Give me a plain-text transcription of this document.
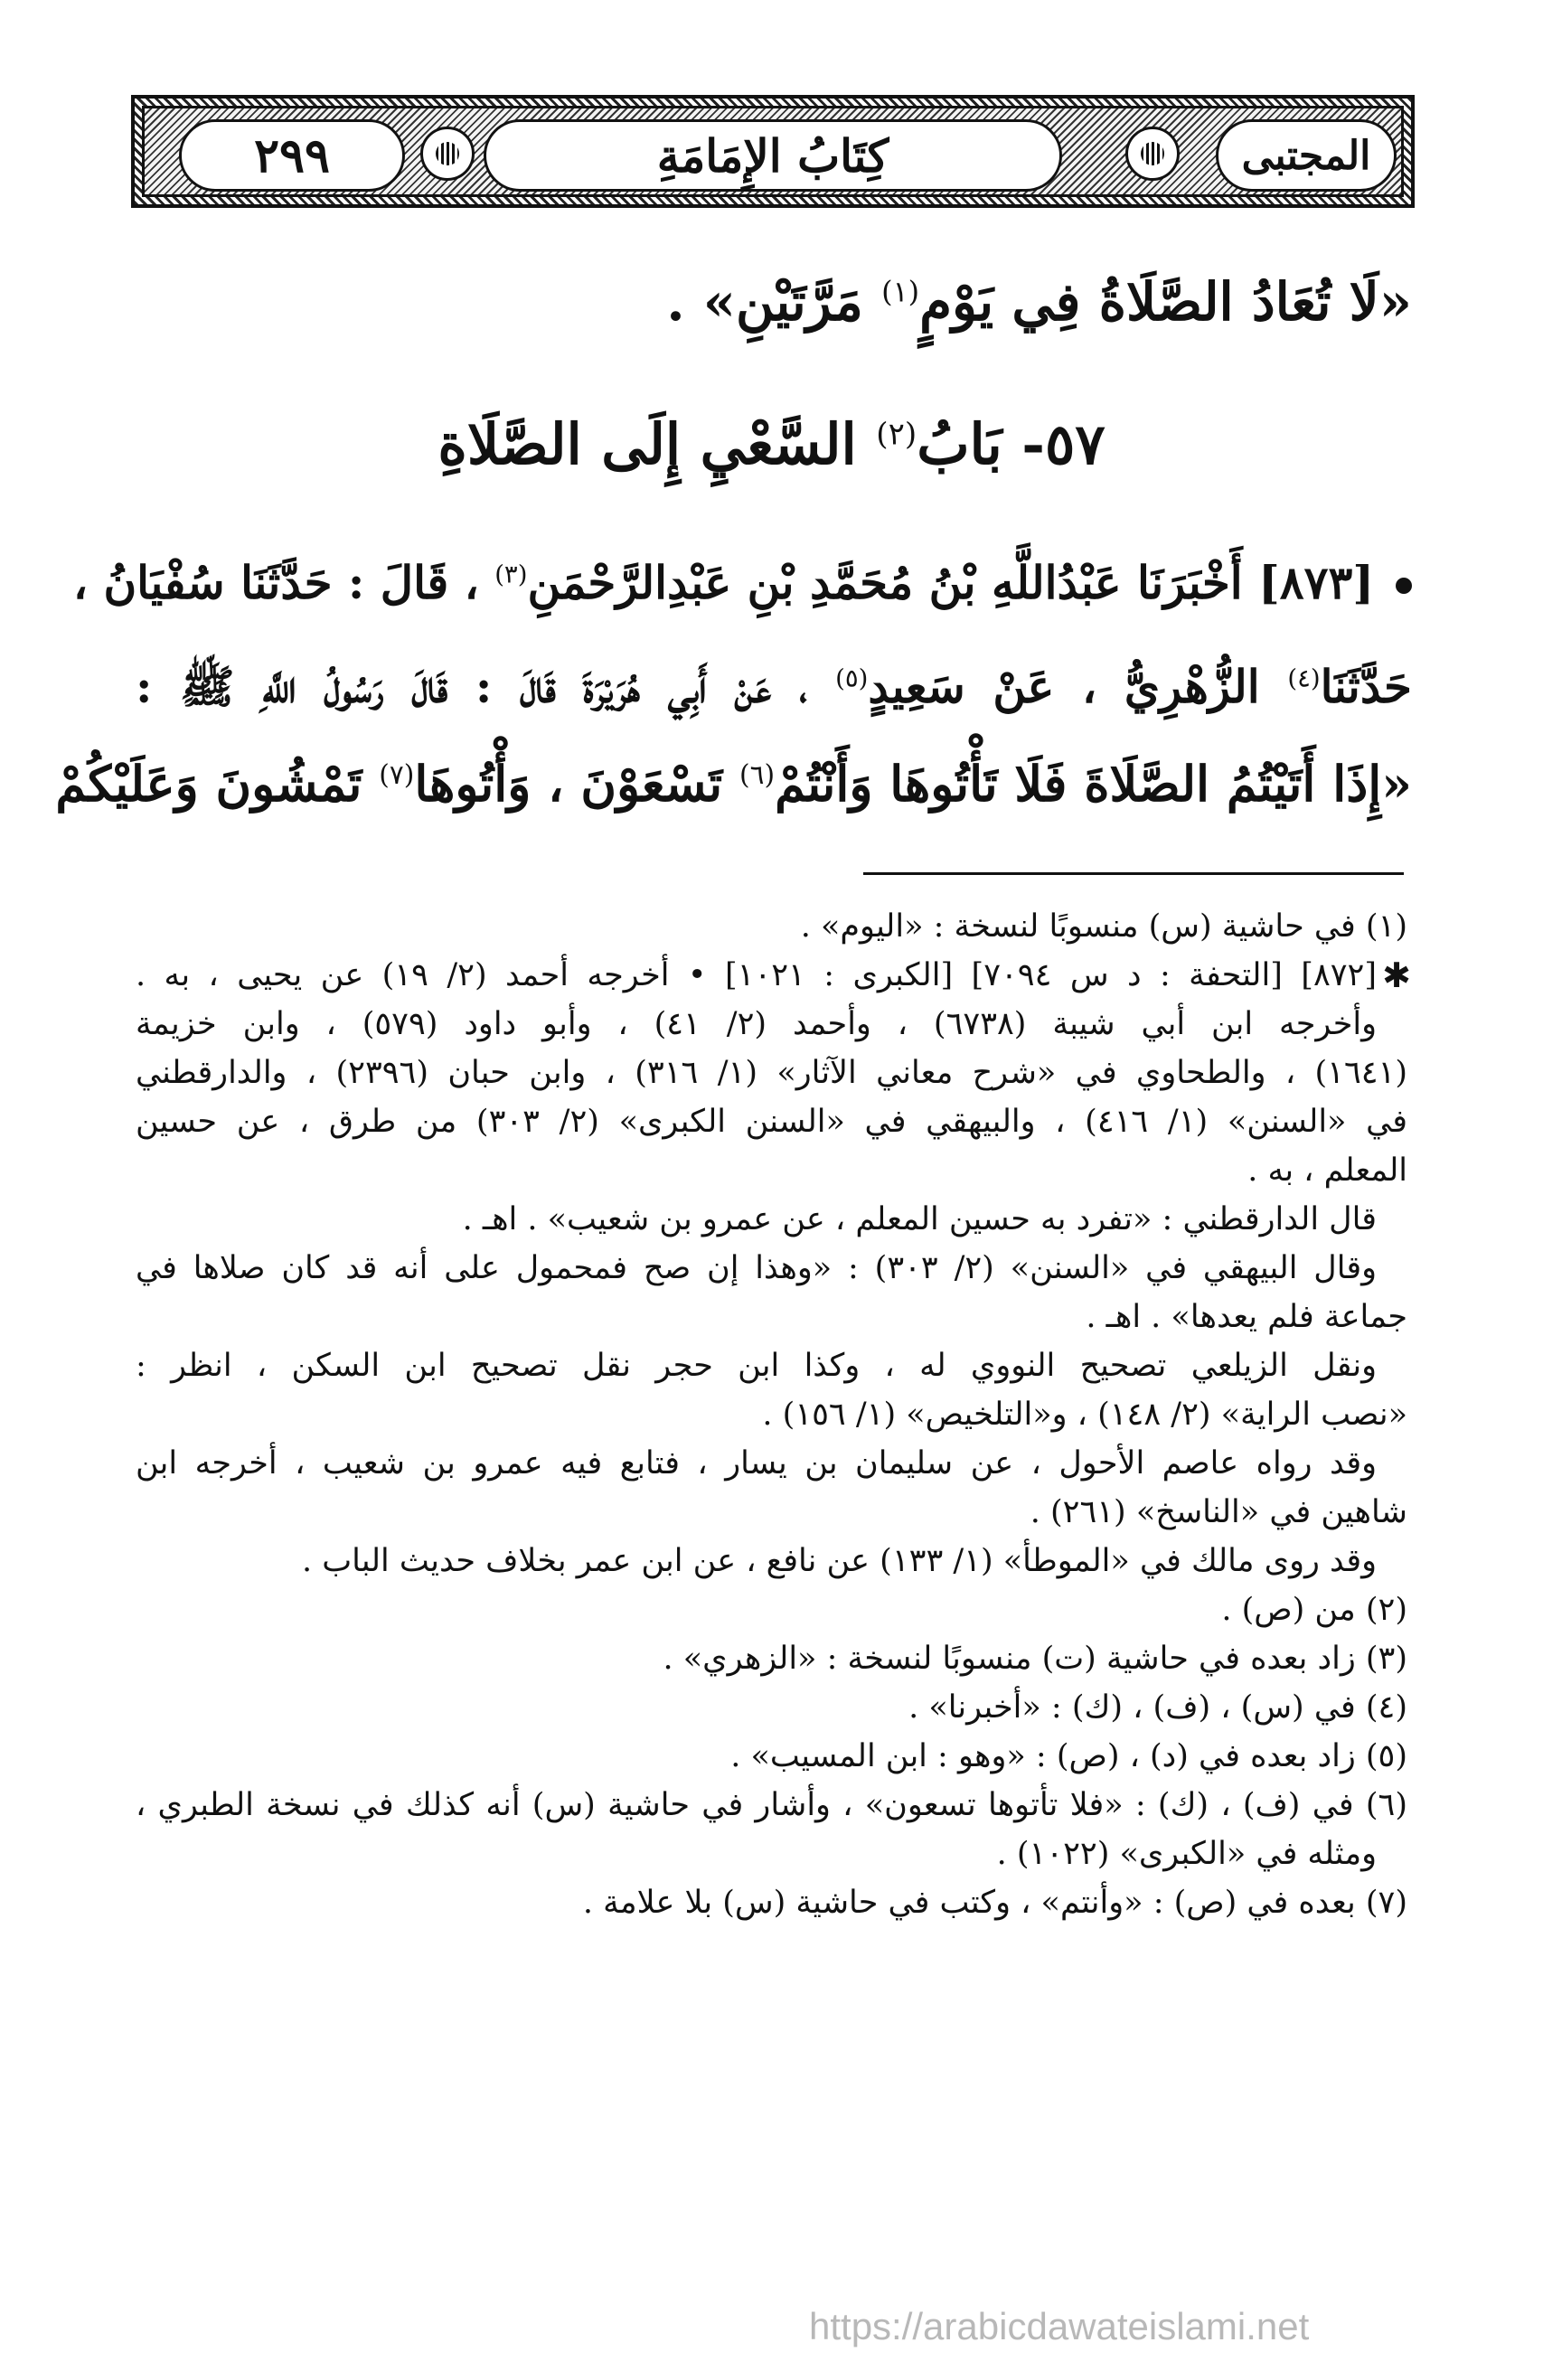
٢٩٩	كِتَابُ الإِمَامَةِ	المجتبى
«لَا تُعَادُ الصَّلَاةُ فِي يَوْمٍ$^{(١)}$ مَرَّتَيْنِ» .
٥٧- بَابُ$^{(٢)}$ السَّعْيِ إِلَى الصَّلَاةِ
[٨٧٣] أَخْبَرَنَا عَبْدُاللَّهِ بْنُ مُحَمَّدِ بْنِ عَبْدِالرَّحْمَنِ$^{(٣)}$ ، قَالَ : حَدَّثَنَا سُفْيَانُ ،
حَدَّثَنَا$^{(٤)}$ الزُّهْرِيُّ ، عَنْ سَعِيدٍ$^{(٥)}$ ، عَنْ أَبِي هُرَيْرَةَ قَالَ : قَالَ رَسُولُ اللَّهِ ﷺ :
«إِذَا أَتَيْتُمُ الصَّلَاةَ فَلَا تَأْتُوهَا وَأَنْتُمْ$^{(٦)}$ تَسْعَوْنَ ، وَأْتُوهَا$^{(٧)}$ تَمْشُونَ وَعَلَيْكُمْ
(١) في حاشية (س) منسوبًا لنسخة : «اليوم» .
✱
[٨٧٢] [التحفة : د س ٧٠٩٤] [الكبرى : ١٠٢١] • أخرجه أحمد (٢/ ١٩) عن يحيى ، به .
وأخرجه ابن أبي شيبة (٦٧٣٨) ، وأحمد (٢/ ٤١) ، وأبو داود (٥٧٩) ، وابن خزيمة
(١٦٤١) ، والطحاوي في «شرح معاني الآثار» (١/ ٣١٦) ، وابن حبان (٢٣٩٦) ، والدارقطني
في «السنن» (١/ ٤١٦) ، والبيهقي في «السنن الكبرى» (٢/ ٣٠٣) من طرق ، عن حسين
المعلم ، به .
قال الدارقطني : «تفرد به حسين المعلم ، عن عمرو بن شعيب» . اهـ .
وقال البيهقي في «السنن» (٢/ ٣٠٣) : «وهذا إن صح فمحمول على أنه قد كان صلاها في
جماعة فلم يعدها» . اهـ .
ونقل الزيلعي تصحيح النووي له ، وكذا ابن حجر نقل تصحيح ابن السكن ، انظر :
«نصب الراية» (٢/ ١٤٨) ، و«التلخيص» (١/ ١٥٦) .
وقد رواه عاصم الأحول ، عن سليمان بن يسار ، فتابع فيه عمرو بن شعيب ، أخرجه ابن
شاهين في «الناسخ» (٢٦١) .
وقد روى مالك في «الموطأ» (١/ ١٣٣) عن نافع ، عن ابن عمر بخلاف حديث الباب .
(٢) من (ص) .
(٣) زاد بعده في حاشية (ت) منسوبًا لنسخة : «الزهري» .
(٤) في (س) ، (ف) ، (ك) : «أخبرنا» .
(٥) زاد بعده في (د) ، (ص) : «وهو : ابن المسيب» .
(٦) في (ف) ، (ك) : «فلا تأتوها تسعون» ، وأشار في حاشية (س) أنه كذلك في نسخة الطبري ،
ومثله في «الكبرى» (١٠٢٢) .
(٧) بعده في (ص) : «وأنتم» ، وكتب في حاشية (س) بلا علامة .
https://arabicdawateislami.net
